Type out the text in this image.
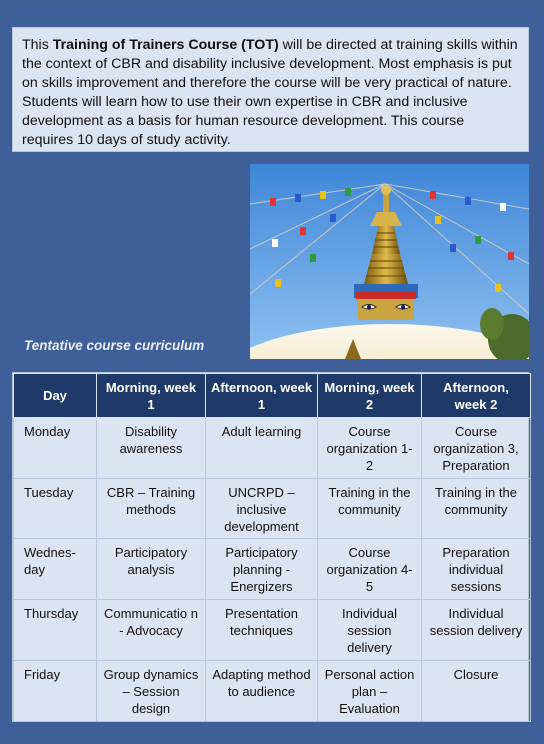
This Training of Trainers Course (TOT) will be directed at training skills within the context of CBR and disability inclusive development. Most emphasis is put on skills improvement and therefore the course will be very practical of nature. Students will learn how to use their own expertise in CBR and inclusive development as a basis for human resource development. This course requires 10 days of study activity.
Tentative course curriculum
Day	Morning, week 1	Afternoon, week 1	Morning, week 2	Afternoon, week 2
Monday	Disability awareness	Adult learning	Course organization 1-2	Course organization 3, Preparation
Tuesday	CBR – Training methods	UNCRPD – inclusive development	Training in the community	Training in the community
Wednes-day	Participatory analysis	Participatory planning - Energizers	Course organization 4-5	Preparation individual sessions
Thursday	Communicatio n - Advocacy	Presentation techniques	Individual session delivery	Individual session delivery
Friday	Group dynamics – Session design	Adapting method to audience	Personal action plan – Evaluation	Closure
